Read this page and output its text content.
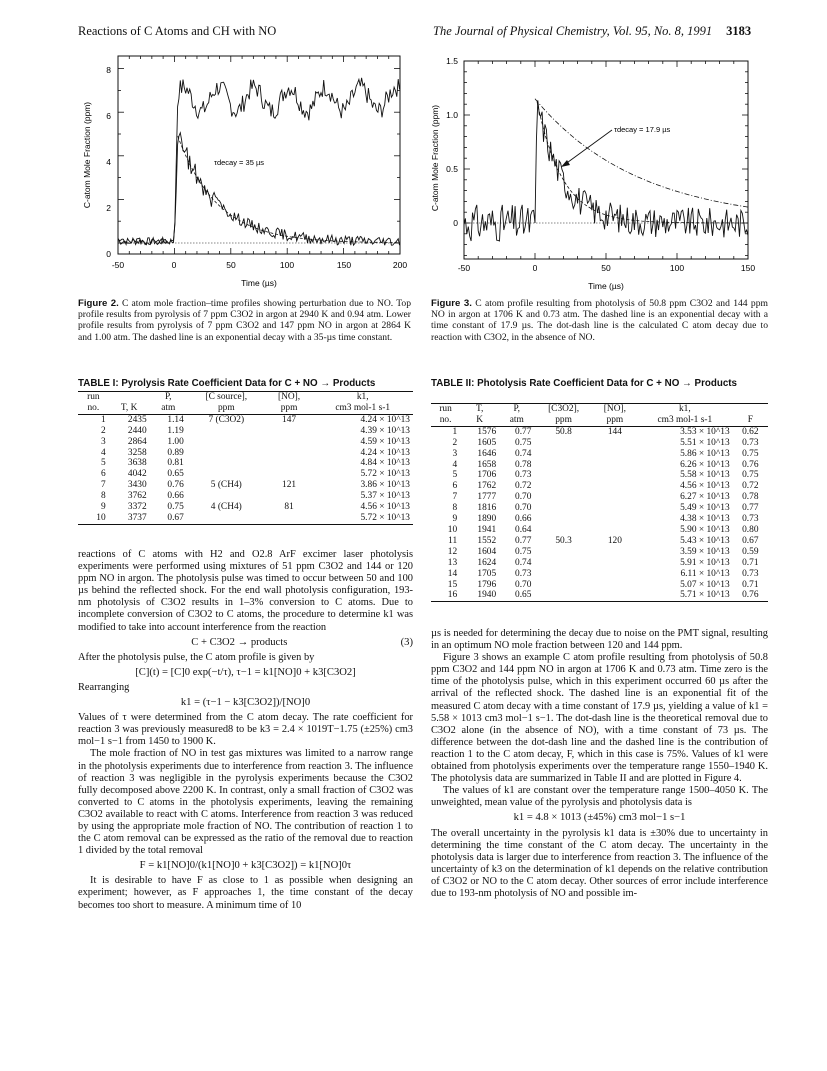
Reactions of C Atoms and CH with NO	The Journal of Physical Chemistry, Vol. 95, No. 8, 1991 3183
0
2
4
6
8
-50	0	50	100	150	200
Time (µs)
C-atom Mole Fraction (ppm)	τdecay = 35 µs
Figure 2. C atom mole fraction–time profiles showing perturbation due to NO. Top profile results from pyrolysis of 7 ppm C3O2 in argon at 2940 K and 0.94 atm. Lower profile results from pyrolysis of 7 ppm C3O2 and 147 ppm NO in argon at 2864 K and 1.00 atm. The dashed line is an exponential decay with a 35-µs time constant.
0
0.5
1.0
1.5
-50	0	50	100	150
Time (µs)
C-atom Mole Fraction (ppm)	τdecay = 17.9 µs
Figure 3. C atom profile resulting from photolysis of 50.8 ppm C3O2 and 144 ppm NO in argon at 1706 K and 0.73 atm. The dashed line is an exponential decay with a time constant of 17.9 µs. The dot-dash line is the calculated C atom decay due to reaction with C3O2, in the absence of NO.
TABLE I: Pyrolysis Rate Coefficient Data for C + NO → Products
run		P,	[C source],	[NO],	k1,
no.	T, K	atm	ppm	ppm	cm3 mol-1 s-1
1	2435	1.14	7 (C3O2)	147	4.24 × 10^13
2	2440	1.19			4.39 × 10^13
3	2864	1.00			4.59 × 10^13
4	3258	0.89			4.24 × 10^13
5	3638	0.81			4.84 × 10^13
6	4042	0.65			5.72 × 10^13
7	3430	0.76	5 (CH4)	121	3.86 × 10^13
8	3762	0.66			5.37 × 10^13
9	3372	0.75	4 (CH4)	81	4.56 × 10^13
10	3737	0.67			5.72 × 10^13

reactions of C atoms with H2 and O2.8 ArF excimer laser photolysis experiments were performed using mixtures of 51 ppm C3O2 and 144 or 120 ppm NO in argon. The photolysis pulse was timed to occur between 50 and 100 µs behind the reflected shock. For the end wall photolysis configuration, 193-nm photolysis of C3O2 results in 1–3% conversion to C atoms. Due to incomplete conversion of C3O2 to C atoms, the procedure to determine k1 was modified to take into account interference from the reaction

C + C3O2 → products	(3)

After the photolysis pulse, the C atom profile is given by

[C](t) = [C]0 exp(−t/τ), τ−1 = k1[NO]0 + k3[C3O2]

Rearranging

k1 = (τ−1 − k3[C3O2])/[NO]0

Values of τ were determined from the C atom decay. The rate coefficient for reaction 3 was previously measured8 to be k3 = 2.4 × 1019T−1.75 (±25%) cm3 mol−1 s−1 from 1450 to 1900 K.

The mole fraction of NO in test gas mixtures was limited to a narrow range in the photolysis experiments due to interference from reaction 3. The influence of reaction 3 was negligible in the pyrolysis experiments because the C3O2 fully decomposed above 2200 K. In contrast, only a small fraction of C3O2 was converted to C atoms in the photolysis experiments, leaving the remaining C3O2 available to react with C atoms. Interference from reaction 3 was reduced by using the appropriate mole fraction of NO. The contribution of reaction 1 to the C atom removal can be expressed as the ratio of the removal due to reaction 1 divided by the total removal

F = k1[NO]0/(k1[NO]0 + k3[C3O2]) = k1[NO]0τ

It is desirable to have F as close to 1 as possible when designing an experiment; however, as F approaches 1, the time constant of the decay becomes too short to measure. A minimum time of 10

TABLE II: Photolysis Rate Coefficient Data for C + NO → Products
run	T,	P,	[C3O2],	[NO],	k1,	
no.	K	atm	ppm	ppm	cm3 mol-1 s-1	F
1	1576	0.77	50.8	144	3.53 × 10^13	0.62
2	1605	0.75			5.51 × 10^13	0.73
3	1646	0.74			5.86 × 10^13	0.75
4	1658	0.78			6.26 × 10^13	0.76
5	1706	0.73			5.58 × 10^13	0.75
6	1762	0.72			4.56 × 10^13	0.72
7	1777	0.70			6.27 × 10^13	0.78
8	1816	0.70			5.49 × 10^13	0.77
9	1890	0.66			4.38 × 10^13	0.73
10	1941	0.64			5.90 × 10^13	0.80
11	1552	0.77	50.3	120	5.43 × 10^13	0.67
12	1604	0.75			3.59 × 10^13	0.59
13	1624	0.74			5.91 × 10^13	0.71
14	1705	0.73			6.11 × 10^13	0.73
15	1796	0.70			5.07 × 10^13	0.71
16	1940	0.65			5.71 × 10^13	0.76

µs is needed for determining the decay due to noise on the PMT signal, resulting in an optimum NO mole fraction between 120 and 144 ppm.

Figure 3 shows an example C atom profile resulting from photolysis of 50.8 ppm C3O2 and 144 ppm NO in argon at 1706 K and 0.73 atm. Time zero is the time of the photolysis pulse, which in this experiment occurred 60 µs after the arrival of the reflected shock. The dashed line is an exponential fit of the measured C atom decay with a time constant of 17.9 µs, yielding a value of k1 = 5.58 × 1013 cm3 mol−1 s−1. The dot-dash line is the theoretical removal due to C3O2 alone (in the absence of NO), with a time constant of 73 µs. The difference between the dot-dash line and the dashed line is the contribution of reaction 1 to the C atom decay, F, which in this case is 75%. Values of k1 were obtained from photolysis experiments over the temperature range 1550–1940 K. The photolysis data are summarized in Table II and are plotted in Figure 4.

The values of k1 are constant over the temperature range 1500–4050 K. The unweighted, mean value of the pyrolysis and photolysis data is

k1 = 4.8 × 1013 (±45%) cm3 mol−1 s−1

The overall uncertainty in the pyrolysis k1 data is ±30% due to uncertainty in determining the time constant of the C atom decay. The uncertainty in the photolysis data is larger due to interference from reaction 3. The influence of the uncertainty of k3 on the determination of k1 depends on the relative contribution of C3O2 or NO to the C atom decay. Other sources of error include interference due to 193-nm photolysis of NO and possible im-
